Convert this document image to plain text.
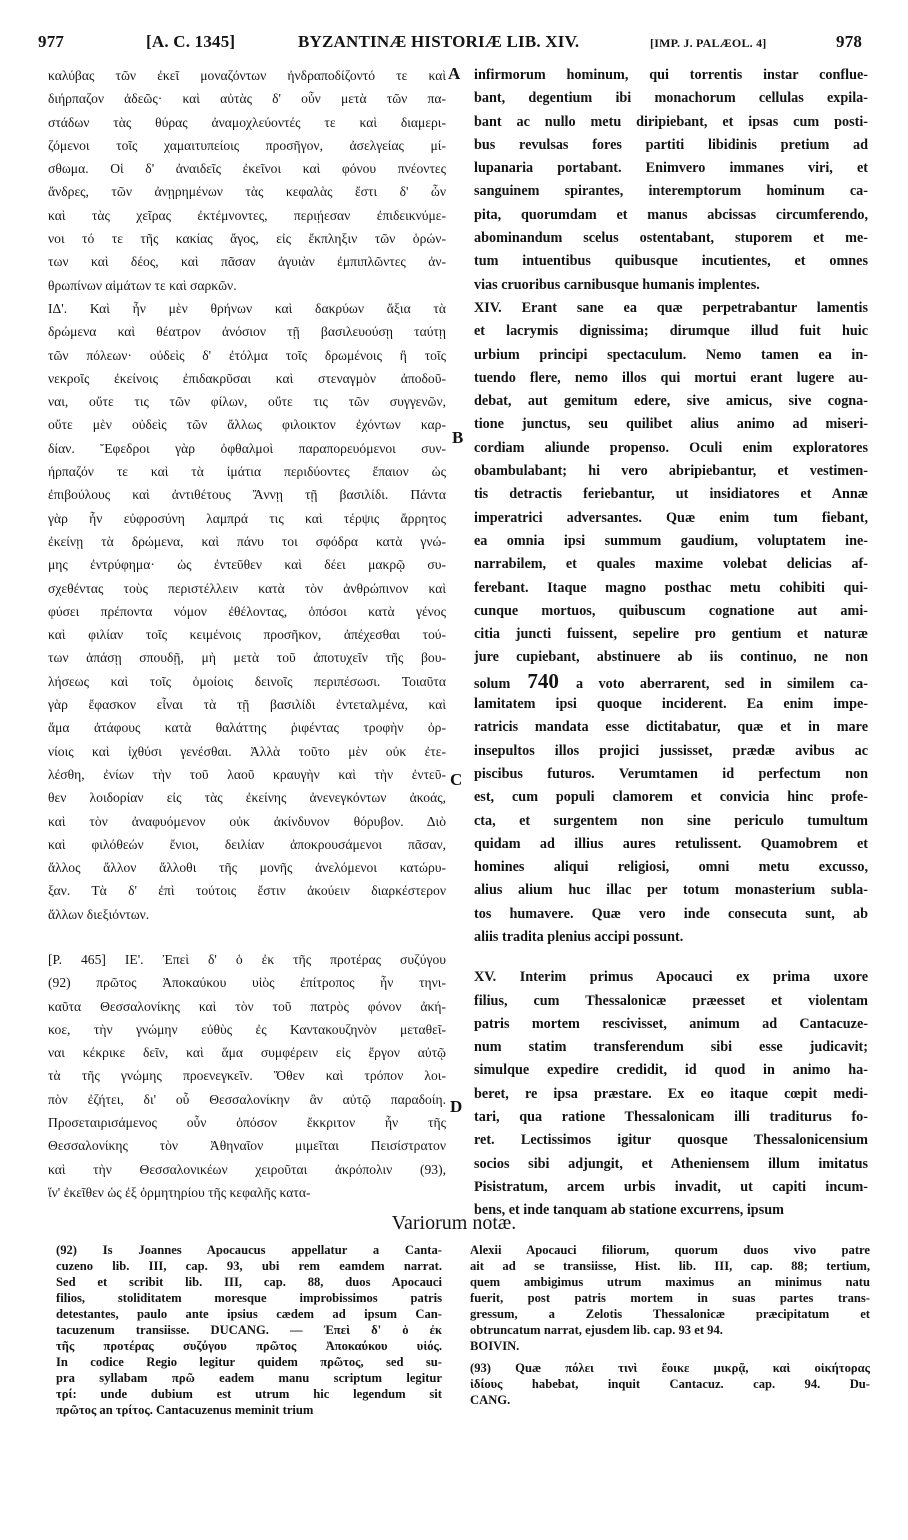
977	[A. C. 1345]	BYZANTINÆ HISTORIÆ LIB. XIV.	[IMP. J. PALÆOL. 4]	978
καλύβας τῶν ἐκεῖ μοναζόντων ἠνδραποδίζοντό τε καὶ
διήρπαζον ἀδεῶς· καὶ αὐτὰς δ' οὖν μετὰ τῶν πα-
στάδων τὰς θύρας ἀναμοχλεύοντές τε καὶ διαμερι-
ζόμενοι τοῖς χαμαιτυπείοις προσῆγον, ἀσελγείας μί-
σθωμα. Οἱ δ' ἀναιδεῖς ἐκεῖνοι καὶ φόνου πνέοντες
ἄνδρες, τῶν ἀνῃρημένων τὰς κεφαλὰς ἔστι δ' ὧν
καὶ τὰς χεῖρας ἐκτέμνοντες, περιῄεσαν ἐπιδεικνύμε-
νοι τό τε τῆς κακίας ἄγος, εἰς ἔκπληξιν τῶν ὁρών-
των καὶ δέος, καὶ πᾶσαν ἀγυιὰν ἐμπιπλῶντες ἀν-
θρωπίνων αἱμάτων τε καὶ σαρκῶν.
ΙΔ'. Καὶ ἦν μὲν θρήνων καὶ δακρύων ἄξια τὰ
δρώμενα καὶ θέατρον ἀνόσιον τῇ βασιλευούσῃ ταύτῃ
τῶν πόλεων· οὐδεὶς δ' ἐτόλμα τοῖς δρωμένοις ἢ τοῖς
νεκροῖς ἐκείνοις ἐπιδακρῦσαι καὶ στεναγμὸν ἀποδοῦ-
ναι, οὔτε τις τῶν φίλων, οὔτε τις τῶν συγγενῶν,
οὔτε μὲν οὐδεὶς τῶν ἄλλως φιλοικτον ἐχόντων καρ-
δίαν. Ἔφεδροι γὰρ ὀφθαλμοὶ παραπορευόμενοι συν-
ήρπαζόν τε καὶ τὰ ἱμάτια περιδύοντες ἔπαιον ὡς
ἐπιβούλους καὶ ἀντιθέτους Ἄννῃ τῇ βασιλίδι. Πάντα
γὰρ ἦν εὐφροσύνη λαμπρά τις καὶ τέρψις ἄρρητος
ἐκείνῃ τὰ δρώμενα, καὶ πάνυ τοι σφόδρα κατὰ γνώ-
μης ἐντρύφημα· ὡς ἐντεῦθεν καὶ δέει μακρῷ συ-
σχεθέντας τοὺς περιστέλλειν κατὰ τὸν ἀνθρώπινον καὶ
φύσει πρέποντα νόμον ἐθέλοντας, ὁπόσοι κατὰ γένος
καὶ φιλίαν τοῖς κειμένοις προσῆκον, ἀπέχεσθαι τού-
των ἁπάσῃ σπουδῇ, μὴ μετὰ τοῦ ἀποτυχεῖν τῆς βου-
λήσεως καὶ τοῖς ὁμοίοις δεινοῖς περιπέσωσι. Τοιαῦτα
γὰρ ἔφασκον εἶναι τὰ τῇ βασιλίδι ἐντεταλμένα, καὶ
ἅμα ἀτάφους κατὰ θαλάττης ῥιφέντας τροφὴν ὀρ-
νίοις καὶ ἰχθύσι γενέσθαι. Ἀλλὰ τοῦτο μὲν οὐκ ἐτε-
λέσθη, ἐνίων τὴν τοῦ λαοῦ κραυγὴν καὶ τὴν ἐντεῦ-
θεν λοιδορίαν εἰς τὰς ἐκείνης ἀνενεγκόντων ἀκοάς,
καὶ τὸν ἀναφυόμενον οὐκ ἀκίνδυνον θόρυβον. Διὸ
καὶ φιλόθεών ἔνιοι, δειλίαν ἀποκρουσάμενοι πᾶσαν,
ἄλλος ἄλλον ἄλλοθι τῆς μονῆς ἀνελόμενοι κατώρυ-
ξαν. Τὰ δ' ἐπὶ τούτοις ἔστιν ἀκούειν διαρκέστερον
ἄλλων διεξιόντων.
[P. 465] ΙΕ'. Ἐπεὶ δ' ὁ ἐκ τῆς προτέρας συζύγου
(92) πρῶτος Ἀποκαύκου υἱὸς ἐπίτροπος ἦν τηνι-
καῦτα Θεσσαλονίκης καὶ τὸν τοῦ πατρὸς φόνον ἀκή-
κοε, τὴν γνώμην εὐθὺς ἐς Καντακουζηνὸν μεταθεῖ-
ναι κέκρικε δεῖν, καὶ ἅμα συμφέρειν εἰς ἔργον αὐτῷ
τὰ τῆς γνώμης προενεγκεῖν. Ὅθεν καὶ τρόπον λοι-
πὸν ἐζήτει, δι' οὗ Θεσσαλονίκην ἂν αὐτῷ παραδοίη.
Προσεταιρισάμενος οὖν ὁπόσον ἔκκριτον ἦν τῆς
Θεσσαλονίκης τὸν Ἀθηναῖον μιμεῖται Πεισίστρατον
καὶ τὴν Θεσσαλονικέων χειροῦται ἀκρόπολιν (93),
ἵν' ἐκεῖθεν ὡς ἐξ ὁρμητηρίου τῆς κεφαλῆς κατα-
infirmorum hominum, qui torrentis instar conflue-
bant, degentium ibi monachorum cellulas expila-
bant ac nullo metu diripiebant, et ipsas cum posti-
bus revulsas fores partiti libidinis pretium ad
lupanaria portabant. Enimvero immanes viri, et
sanguinem spirantes, interemptorum hominum ca-
pita, quorumdam et manus abcissas circumferendo,
abominandum scelus ostentabant, stuporem et me-
tum intuentibus quibusque incutientes, et omnes
vias cruoribus carnibusque humanis implentes.
XIV. Erant sane ea quæ perpetrabantur lamentis
et lacrymis dignissima; dirumque illud fuit huic
urbium principi spectaculum. Nemo tamen ea in-
tuendo flere, nemo illos qui mortui erant lugere au-
debat, aut gemitum edere, sive amicus, sive cogna-
tione junctus, seu quilibet alius animo ad miseri-
cordiam aliunde propenso. Oculi enim exploratores
obambulabant; hi vero abripiebantur, et vestimen-
tis detractis feriebantur, ut insidiatores et Annæ
imperatrici adversantes. Quæ enim tum fiebant,
ea omnia ipsi summum gaudium, voluptatem ine-
narrabilem, et quales maxime volebat delicias af-
ferebant. Itaque magno posthac metu cohibiti qui-
cunque mortuos, quibuscum cognatione aut ami-
citia juncti fuissent, sepelire pro gentium et naturæ
jure cupiebant, abstinuere ab iis continuo, ne non
solum 740 a voto aberrarent, sed in similem ca-
lamitatem ipsi quoque inciderent. Ea enim impe-
ratricis mandata esse dictitabatur, quæ et in mare
insepultos illos projici jussisset, prædæ avibus ac
piscibus futuros. Verumtamen id perfectum non
est, cum populi clamorem et convicia hinc profe-
cta, et surgentem non sine periculo tumultum
quidam ad illius aures retulissent. Quamobrem et
homines aliqui religiosi, omni metu excusso,
alius alium huc illac per totum monasterium subla-
tos humavere. Quæ vero inde consecuta sunt, ab
aliis tradita plenius accipi possunt.
XV. Interim primus Apocauci ex prima uxore
filius, cum Thessalonicæ præesset et violentam
patris mortem rescivisset, animum ad Cantacuze-
num statim transferendum sibi esse judicavit;
simulque expedire credidit, id quod in animo ha-
beret, re ipsa præstare. Ex eo itaque cœpit medi-
tari, qua ratione Thessalonicam illi traditurus fo-
ret. Lectissimos igitur quosque Thessalonicensium
socios sibi adjungit, et Atheniensem illum imitatus
Pisistratum, arcem urbis invadit, ut capiti incum-
bens, et inde tanquam ab statione excurrens, ipsum
A
B
C
D
Variorum notæ.
(92) Is Joannes Apocaucus appellatur a Canta-
cuzeno lib. III, cap. 93, ubi rem eamdem narrat.
Sed et scribit lib. III, cap. 88, duos Apocauci
filios, stoliditatem moresque improbissimos patris
detestantes, paulo ante ipsius cædem ad ipsum Can-
tacuzenum transiisse. DUCANG. — Ἐπεὶ δ' ὁ ἐκ
τῆς προτέρας συζύγου πρῶτος Ἀποκαύκου υἱός.
In codice Regio legitur quidem πρῶτος, sed su-
pra syllabam πρῶ eadem manu scriptum legitur
τρί: unde dubium est utrum hic legendum sit
πρῶτος an τρίτος. Cantacuzenus meminit trium
Alexii Apocauci filiorum, quorum duos vivo patre
ait ad se transiisse, Hist. lib. III, cap. 88; tertium,
quem ambigimus utrum maximus an minimus natu
fuerit, post patris mortem in suas partes trans-
gressum, a Zelotis Thessalonicæ præcipitatum et
obtruncatum narrat, ejusdem lib. cap. 93 et 94.
BOIVIN.
(93) Quæ πόλει τινὶ ἔοικε μικρᾷ, καὶ οἰκήτορας
ἰδίους habebat, inquit Cantacuz. cap. 94. Du-
CANG.
